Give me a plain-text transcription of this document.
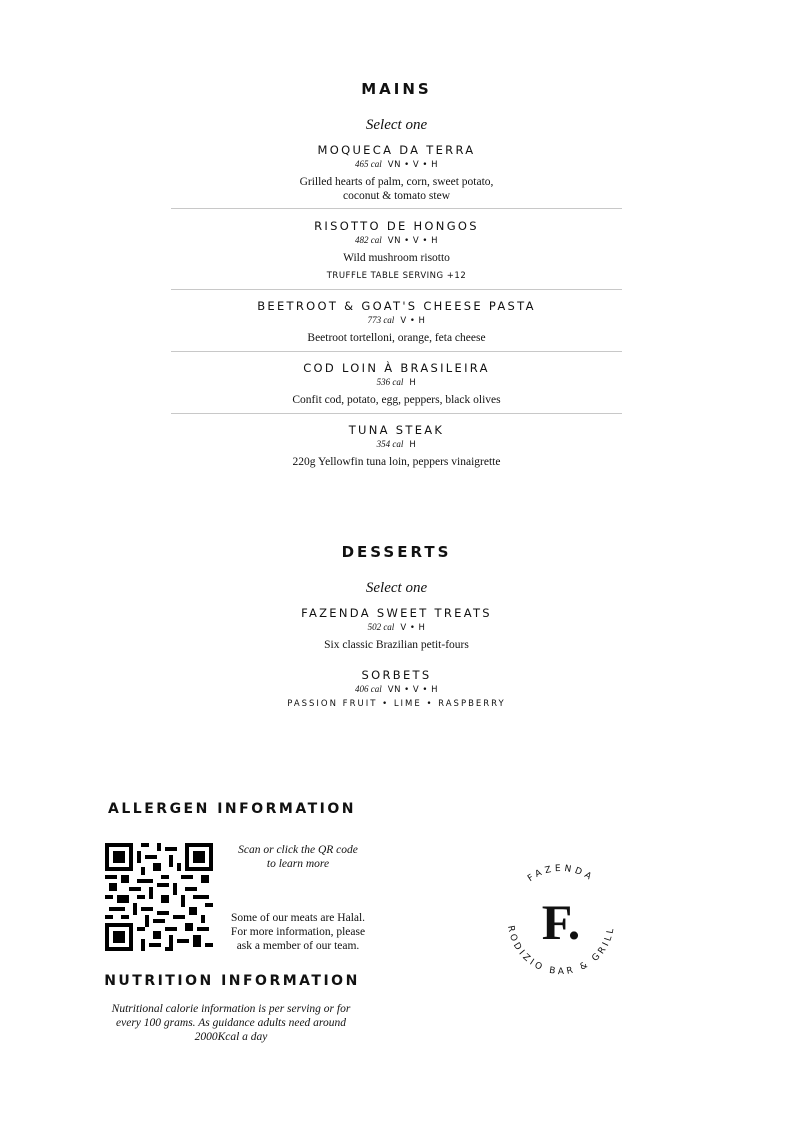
MAINS
Select one
MOQUECA DA TERRA
465 cal VN • V • H
Grilled hearts of palm, corn, sweet potato,
coconut & tomato stew
RISOTTO DE HONGOS
482 cal VN • V • H
Wild mushroom risotto
TRUFFLE TABLE SERVING +12
BEETROOT & GOAT'S CHEESE PASTA
773 cal V • H
Beetroot tortelloni, orange, feta cheese
COD LOIN À BRASILEIRA
536 cal H
Confit cod, potato, egg, peppers, black olives
TUNA STEAK
354 cal H
220g Yellowfin tuna loin, peppers vinaigrette
DESSERTS
Select one
FAZENDA SWEET TREATS
502 cal V • H
Six classic Brazilian petit-fours
SORBETS
406 cal VN • V • H
PASSION FRUIT • LIME • RASPBERRY
ALLERGEN INFORMATION
Scan or click the QR code
to learn more
Some of our meats are Halal.
For more information, please
ask a member of our team.
NUTRITION INFORMATION
Nutritional calorie information is per serving or for
every 100 grams. As guidance adults need around
2000Kcal a day
FAZENDA
RODIZIO BAR & GRILL
F.
